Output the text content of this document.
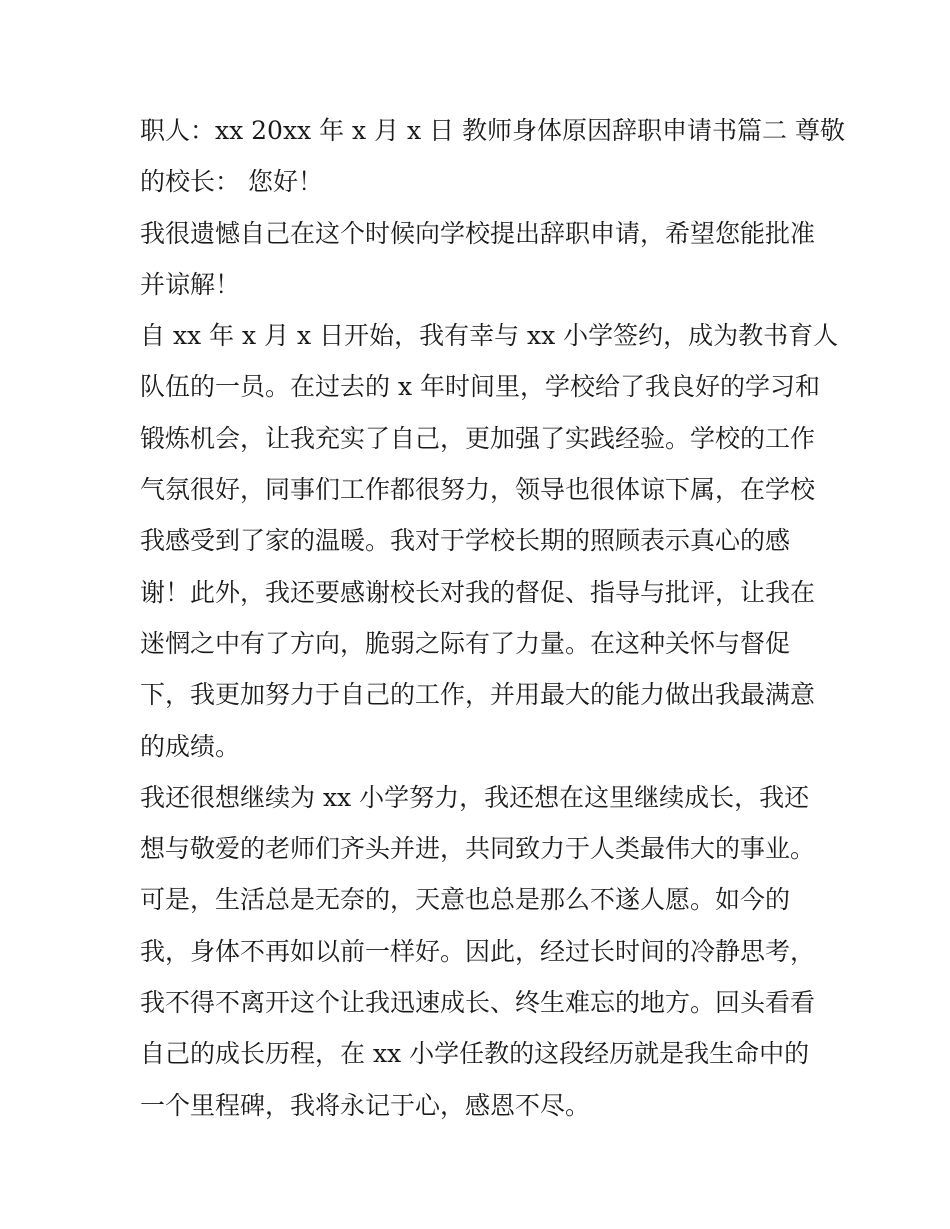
职人：xx 20xx 年 x 月 x 日 教师身体原因辞职申请书篇二 尊敬
的校长： 您好！

我很遗憾自己在这个时候向学校提出辞职申请，希望您能批准
并谅解！

自 xx 年 x 月 x 日开始，我有幸与 xx 小学签约，成为教书育人
队伍的一员。在过去的 x 年时间里，学校给了我良好的学习和
锻炼机会，让我充实了自己，更加强了实践经验。学校的工作
气氛很好，同事们工作都很努力，领导也很体谅下属，在学校
我感受到了家的温暖。我对于学校长期的照顾表示真心的感
谢！此外，我还要感谢校长对我的督促、指导与批评，让我在
迷惘之中有了方向，脆弱之际有了力量。在这种关怀与督促
下，我更加努力于自己的工作，并用最大的能力做出我最满意
的成绩。

我还很想继续为 xx 小学努力，我还想在这里继续成长，我还
想与敬爱的老师们齐头并进，共同致力于人类最伟大的事业。
可是，生活总是无奈的，天意也总是那么不遂人愿。如今的
我，身体不再如以前一样好。因此，经过长时间的冷静思考，
我不得不离开这个让我迅速成长、终生难忘的地方。回头看看
自己的成长历程，在 xx 小学任教的这段经历就是我生命中的
一个里程碑，我将永记于心，感恩不尽。
